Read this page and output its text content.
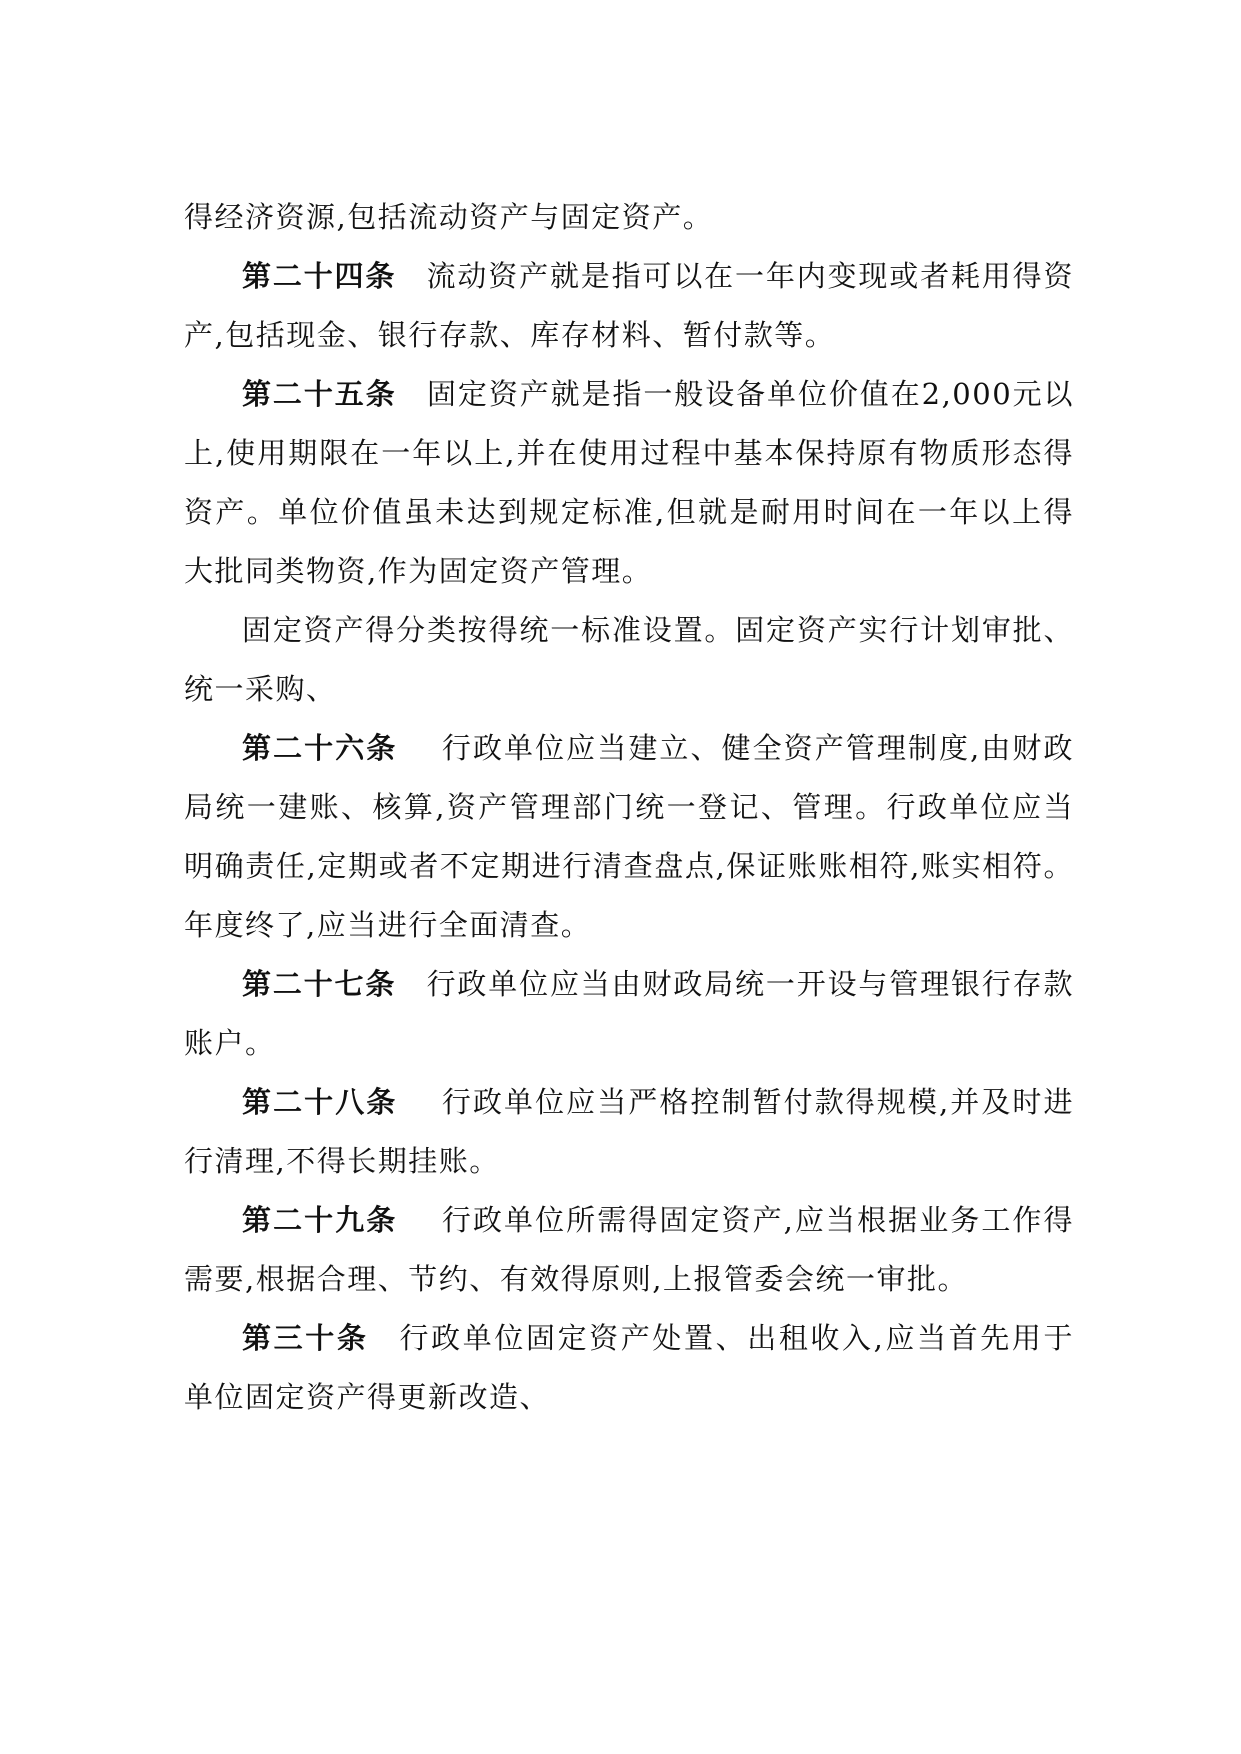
得经济资源,包括流动资产与固定资产。

第二十四条 流动资产就是指可以在一年内变现或者耗用得资产,包括现金、银行存款、库存材料、暂付款等。

第二十五条 固定资产就是指一般设备单位价值在2,000元以上,使用期限在一年以上,并在使用过程中基本保持原有物质形态得资产。单位价值虽未达到规定标准,但就是耐用时间在一年以上得大批同类物资,作为固定资产管理。

固定资产得分类按得统一标准设置。固定资产实行计划审批、统一采购、

第二十六条 行政单位应当建立、健全资产管理制度,由财政局统一建账、核算,资产管理部门统一登记、管理。行政单位应当明确责任,定期或者不定期进行清查盘点,保证账账相符,账实相符。年度终了,应当进行全面清查。

第二十七条 行政单位应当由财政局统一开设与管理银行存款账户。

第二十八条 行政单位应当严格控制暂付款得规模,并及时进行清理,不得长期挂账。

第二十九条 行政单位所需得固定资产,应当根据业务工作得需要,根据合理、节约、有效得原则,上报管委会统一审批。

第三十条 行政单位固定资产处置、出租收入,应当首先用于单位固定资产得更新改造、
